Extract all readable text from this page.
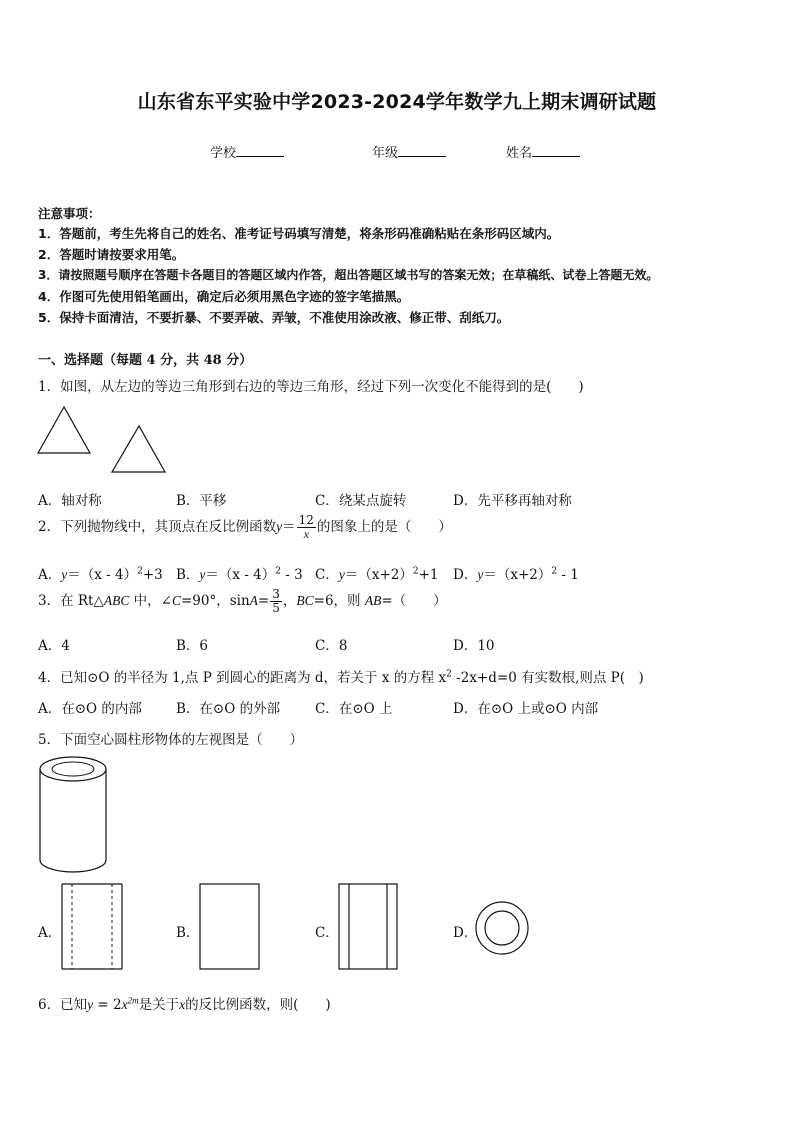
山东省东平实验中学2023-2024学年数学九上期末调研试题
学校	年级	姓名
注意事项：
1．答题前，考生先将自己的姓名、准考证号码填写清楚，将条形码准确粘贴在条形码区域内。
2．答题时请按要求用笔。
3．请按照题号顺序在答题卡各题目的答题区域内作答，超出答题区域书写的答案无效；在草稿纸、试卷上答题无效。
4．作图可先使用铅笔画出，确定后必须用黑色字迹的签字笔描黑。
5．保持卡面清洁，不要折暴、不要弄破、弄皱，不准使用涂改液、修正带、刮纸刀。
一、选择题（每题 4 分，共 48 分）
1．如图，从左边的等边三角形到右边的等边三角形，经过下列一次变化不能得到的是(　　)
A．轴对称	B．平移	C．绕某点旋转	D．先平移再轴对称
2．下列抛物线中，其顶点在反比例函数$y= \frac{12}{x}$ 的图象上的是（　　）
A．y＝（x - 4）$^2$+3 B．y＝（x - 4）$^2$ - 3 C．$y=(x+2)^2+1$ D．$y=(x+2)^2 - 1$
3．在 Rt△ABC 中，∠C=90°，$\sin A= \frac{3}{5}$ ，BC=6，则 AB=（　　）
A．4	B．6	C．8	D．10
4．已知⊙O 的半径为 1,点 P 到圆心的距离为 d，若关于 x 的方程 $x^2$ -2x+d=0 有实数根,则点 P(　)
A．在⊙O 的内部	B．在⊙O 的外部	C．在⊙O 上	D．在⊙O 上或⊙O 内部
5．下面空心圆柱形物体的左视图是（　　）
A．	B．	C．	D．
6．已知$y = 2x^{2m}$是关于x的反比例函数，则(　　)
